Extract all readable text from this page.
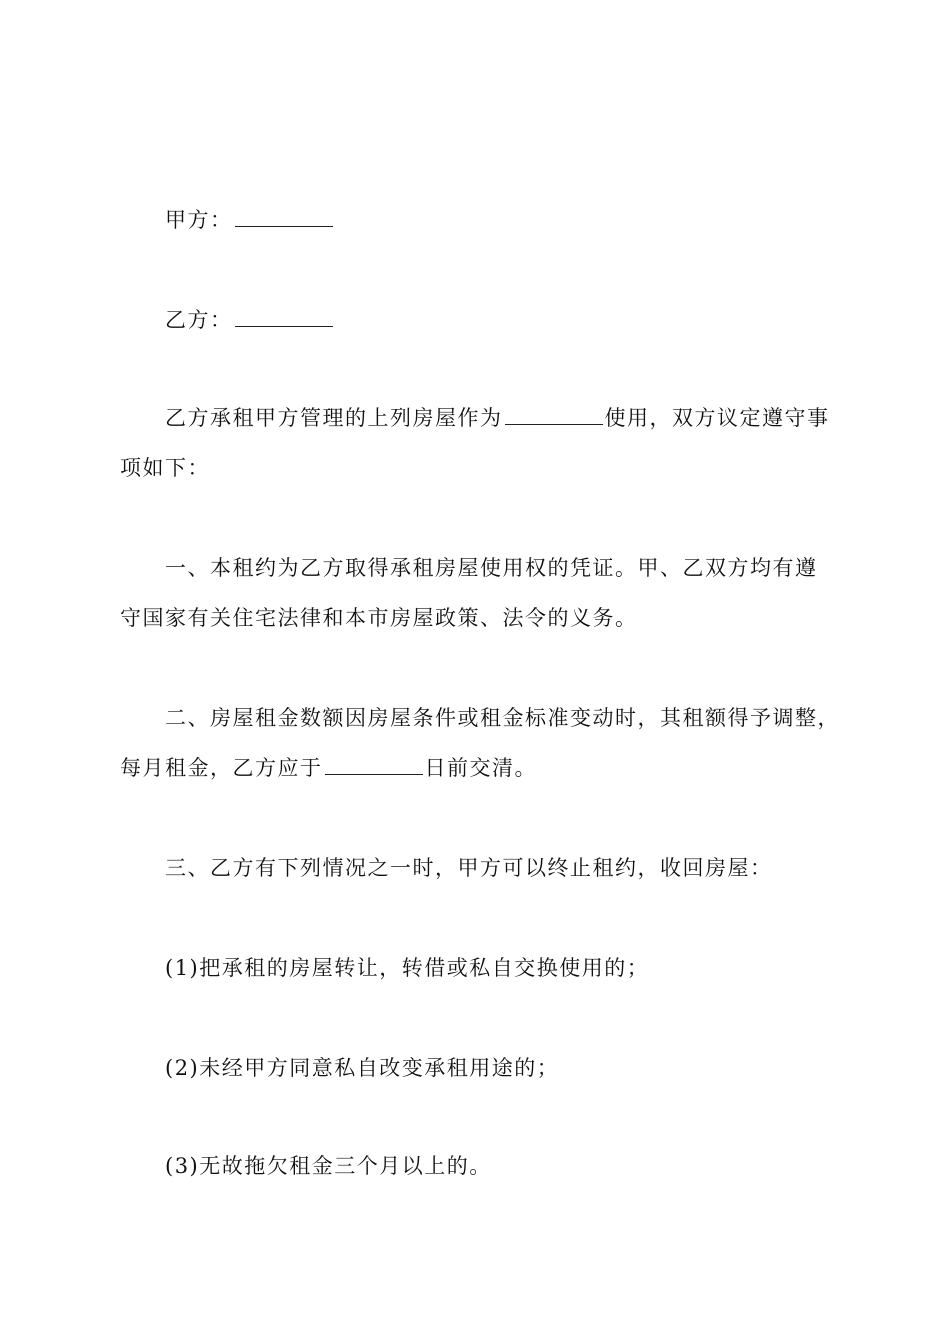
甲方：
乙方：
乙方承租甲方管理的上列房屋作为	使用，双方议定遵守事
项如下：
一、本租约为乙方取得承租房屋使用权的凭证。甲、乙双方均有遵
守国家有关住宅法律和本市房屋政策、法令的义务。
二、房屋租金数额因房屋条件或租金标准变动时，其租额得予调整，
每月租金，乙方应于	日前交清。
三、乙方有下列情况之一时，甲方可以终止租约，收回房屋：
(1)把承租的房屋转让，转借或私自交换使用的；
(2)未经甲方同意私自改变承租用途的；
(3)无故拖欠租金三个月以上的。
